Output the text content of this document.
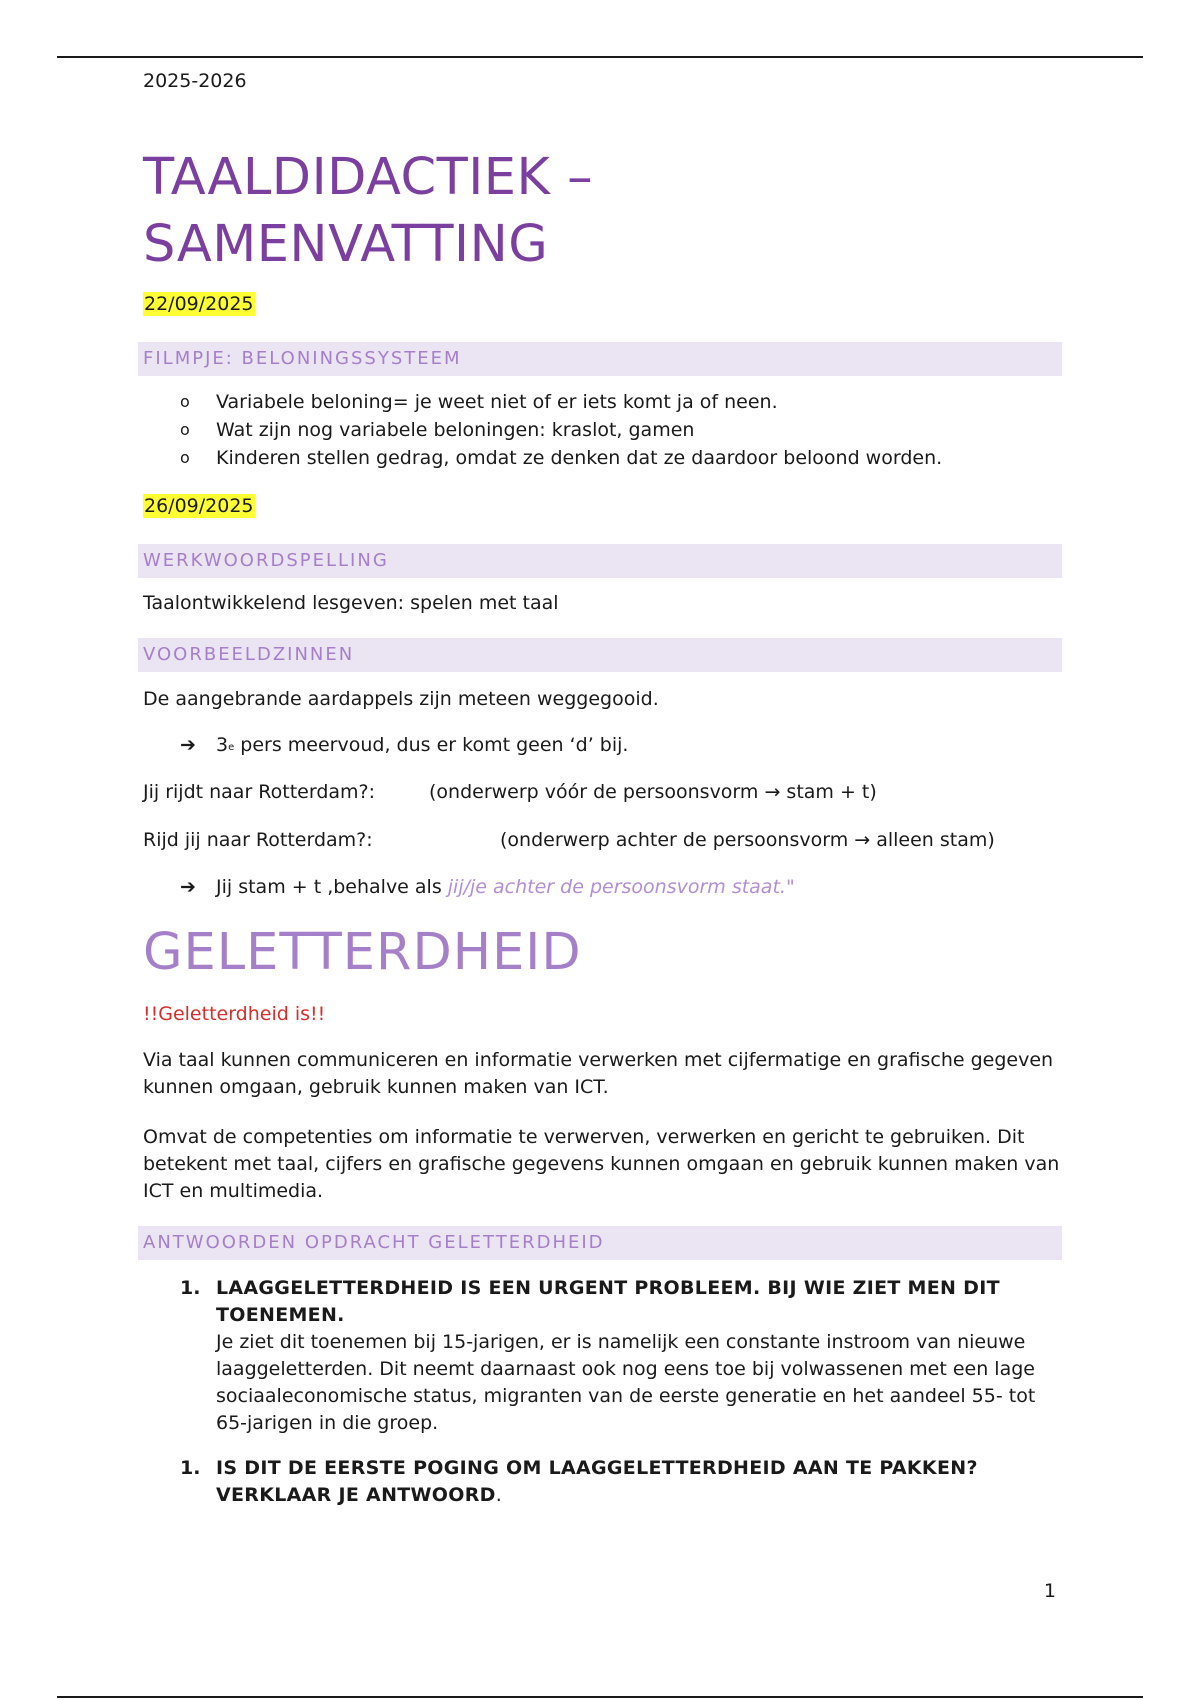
2025-2026
TAALDIDACTIEK –
SAMENVATTING
22/09/2025
FILMPJE: BELONINGSSYSTEEM
o Variabele beloning= je weet niet of er iets komt ja of neen.
o Wat zijn nog variabele beloningen: kraslot, gamen
o Kinderen stellen gedrag, omdat ze denken dat ze daardoor beloond worden.
26/09/2025
WERKWOORDSPELLING

Taalontwikkelend lesgeven: spelen met taal

VOORBEELDZINNEN

De aangebrande aardappels zijn meteen weggegooid.

➔ 3e pers meervoud, dus er komt geen ‘d’ bij.

Jij rijdt naar Rotterdam?:	(onderwerp vóór de persoonsvorm → stam + t)

Rijd jij naar Rotterdam?:	(onderwerp achter de persoonsvorm → alleen stam)

➔ Jij stam + t ,behalve als jij/je achter de persoonsvorm staat."
GELETTERDHEID

!!Geletterdheid is!!

Via taal kunnen communiceren en informatie verwerken met cijfermatige en grafische gegeven kunnen omgaan, gebruik kunnen maken van ICT.

Omvat de competenties om informatie te verwerven, verwerken en gericht te gebruiken. Dit betekent met taal, cijfers en grafische gegevens kunnen omgaan en gebruik kunnen maken van ICT en multimedia.

ANTWOORDEN OPDRACHT GELETTERDHEID
1. LAAGGELETTERDHEID IS EEN URGENT PROBLEEM. BIJ WIE ZIET MEN DIT TOENEMEN.
Je ziet dit toenemen bij 15-jarigen, er is namelijk een constante instroom van nieuwe laaggeletterden. Dit neemt daarnaast ook nog eens toe bij volwassenen met een lage sociaaleconomische status, migranten van de eerste generatie en het aandeel 55- tot 65-jarigen in die groep.
1. IS DIT DE EERSTE POGING OM LAAGGELETTERDHEID AAN TE PAKKEN? VERKLAAR JE ANTWOORD.
1
